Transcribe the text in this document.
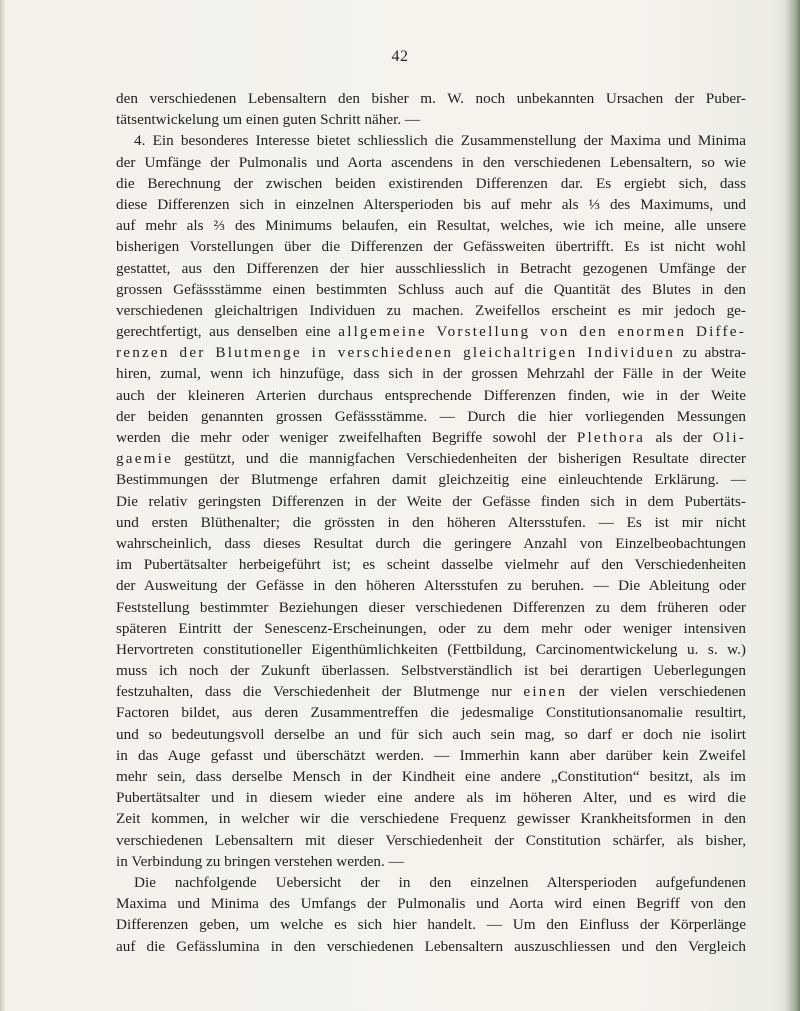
42
den verschiedenen Lebensaltern den bisher m. W. noch unbekannten Ursachen der Puber-
tätsentwickelung um einen guten Schritt näher. —
4. Ein besonderes Interesse bietet schliesslich die Zusammenstellung der Maxima und Minima
der Umfänge der Pulmonalis und Aorta ascendens in den verschiedenen Lebensaltern, so wie
die Berechnung der zwischen beiden existirenden Differenzen dar. Es ergiebt sich, dass
diese Differenzen sich in einzelnen Altersperioden bis auf mehr als ⅓ des Maximums, und
auf mehr als ⅔ des Minimums belaufen, ein Resultat, welches, wie ich meine, alle unsere
bisherigen Vorstellungen über die Differenzen der Gefässweiten übertrifft. Es ist nicht wohl
gestattet, aus den Differenzen der hier ausschliesslich in Betracht gezogenen Umfänge der
grossen Gefässstämme einen bestimmten Schluss auch auf die Quantität des Blutes in den
verschiedenen gleichaltrigen Individuen zu machen. Zweifellos erscheint es mir jedoch ge-
gerechtfertigt, aus denselben eine allgemeine Vorstellung von den enormen Diffe-
renzen der Blutmenge in verschiedenen gleichaltrigen Individuen zu abstra-
hiren, zumal, wenn ich hinzufüge, dass sich in der grossen Mehrzahl der Fälle in der Weite
auch der kleineren Arterien durchaus entsprechende Differenzen finden, wie in der Weite
der beiden genannten grossen Gefässstämme. — Durch die hier vorliegenden Messungen
werden die mehr oder weniger zweifelhaften Begriffe sowohl der Plethora als der Oli-
gaemie gestützt, und die mannigfachen Verschiedenheiten der bisherigen Resultate directer
Bestimmungen der Blutmenge erfahren damit gleichzeitig eine einleuchtende Erklärung. —
Die relativ geringsten Differenzen in der Weite der Gefässe finden sich in dem Pubertäts-
und ersten Blüthenalter; die grössten in den höheren Altersstufen. — Es ist mir nicht
wahrscheinlich, dass dieses Resultat durch die geringere Anzahl von Einzelbeobachtungen
im Pubertätsalter herbeigeführt ist; es scheint dasselbe vielmehr auf den Verschiedenheiten
der Ausweitung der Gefässe in den höheren Altersstufen zu beruhen. — Die Ableitung oder
Feststellung bestimmter Beziehungen dieser verschiedenen Differenzen zu dem früheren oder
späteren Eintritt der Senescenz-Erscheinungen, oder zu dem mehr oder weniger intensiven
Hervortreten constitutioneller Eigenthümlichkeiten (Fettbildung, Carcinomentwickelung u. s. w.)
muss ich noch der Zukunft überlassen. Selbstverständlich ist bei derartigen Ueberlegungen
festzuhalten, dass die Verschiedenheit der Blutmenge nur einen der vielen verschiedenen
Factoren bildet, aus deren Zusammentreffen die jedesmalige Constitutionsanomalie resultirt,
und so bedeutungsvoll derselbe an und für sich auch sein mag, so darf er doch nie isolirt
in das Auge gefasst und überschätzt werden. — Immerhin kann aber darüber kein Zweifel
mehr sein, dass derselbe Mensch in der Kindheit eine andere „Constitution“ besitzt, als im
Pubertätsalter und in diesem wieder eine andere als im höheren Alter, und es wird die
Zeit kommen, in welcher wir die verschiedene Frequenz gewisser Krankheitsformen in den
verschiedenen Lebensaltern mit dieser Verschiedenheit der Constitution schärfer, als bisher,
in Verbindung zu bringen verstehen werden. —
Die nachfolgende Uebersicht der in den einzelnen Altersperioden aufgefundenen
Maxima und Minima des Umfangs der Pulmonalis und Aorta wird einen Begriff von den
Differenzen geben, um welche es sich hier handelt. — Um den Einfluss der Körperlänge
auf die Gefässlumina in den verschiedenen Lebensaltern auszuschliessen und den Vergleich
